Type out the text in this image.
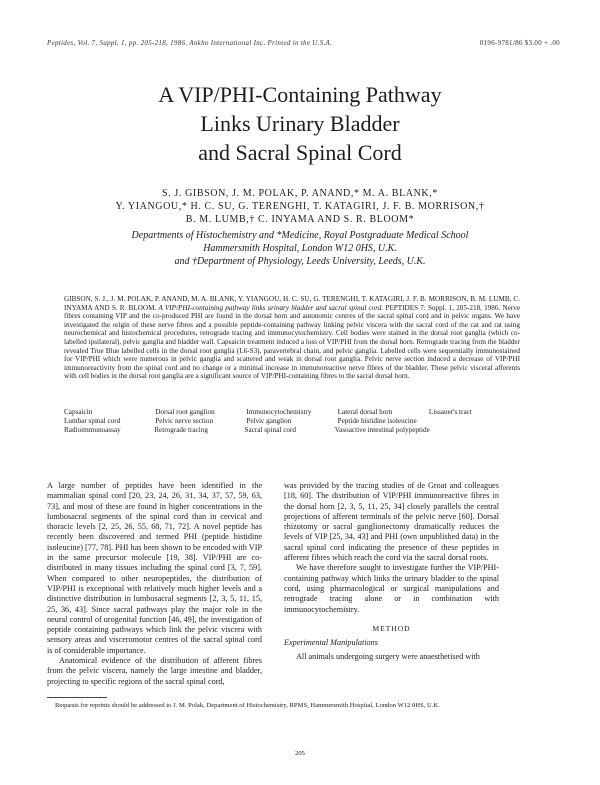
Peptides, Vol. 7, Suppl. 1, pp. 205-218, 1986. Ankho International Inc. Printed in the U.S.A.	0196-9781/86 $3.00 + .00
A VIP/PHI-Containing Pathway
Links Urinary Bladder
and Sacral Spinal Cord
S. J. GIBSON, J. M. POLAK, P. ANAND,* M. A. BLANK,*
Y. YIANGOU,* H. C. SU, G. TERENGHI, T. KATAGIRI, J. F. B. MORRISON,†
B. M. LUMB,† C. INYAMA AND S. R. BLOOM*
Departments of Histochemistry and *Medicine, Royal Postgraduate Medical School
Hammersmith Hospital, London W12 0HS, U.K.
and †Department of Physiology, Leeds University, Leeds, U.K.
GIBSON, S. J., J. M. POLAK, P. ANAND, M. A. BLANK, Y. YIANGOU, H. C. SU, G. TERENGHI, T. KATAGIRI, J. F. B. MORRISON, B. M. LUMB, C. INYAMA AND S. R. BLOOM. A VIP/PHI-containing pathway links urinary bladder and sacral spinal cord. PEPTIDES 7: Suppl. 1, 205-218, 1986. Nerve fibres containing VIP and the co-produced PHI are found in the dorsal horn and autonomic centres of the sacral spinal cord and in pelvic organs. We have investigated the origin of these nerve fibres and a possible peptide-containing pathway linking pelvic viscera with the sacral cord of the cat and rat using neurochemical and histochemical procedures, retrograde tracing and immunocytochemistry. Cell bodies were stained in the dorsal root ganglia (which co-labelled ipsilateral), pelvic ganglia and bladder wall. Capsaicin treatment induced a loss of VIP/PHI from the dorsal horn. Retrograde tracing from the bladder revealed True Blue labelled cells in the dorsal root ganglia (L6-S3), paravertebral chain, and pelvic ganglia. Labelled cells were sequentially immunostained for VIP/PHI which were numerous in pelvic ganglia and scattered and weak in dorsal root ganglia. Pelvic nerve section induced a decrease of VIP/PHI immunoreactivity from the spinal cord and no change or a minimal increase in immunoreactive nerve fibres of the bladder. These pelvic visceral afferents with cell bodies in the dorsal root ganglia are a significant source of VIP/PHI-containing fibres to the sacral dorsal horn.
Capsaicin	Dorsal root ganglion	Immunocytochemistry	Lateral dorsal horn	Lissauer's tract
Lumbar spinal cord	Pelvic nerve section	Pelvic ganglion	Peptide histidine isoleucine
Radioimmunoassay	Retrograde tracing	Sacral spinal cord	Vasoactive intestinal polypeptide

A large number of peptides have been identified in the mammalian spinal cord [20, 23, 24, 26, 31, 34, 37, 57, 59, 63, 73], and most of these are found in higher concentrations in the lumbosacral segments of the spinal cord than in cervical and thoracic levels [2, 25, 26, 55, 68, 71, 72]. A novel peptide has recently been discovered and termed PHI (peptide histidine isoleucine) [77, 78]. PHI has been shown to be encoded with VIP in the same precursor molecule [19, 38]. VIP/PHI are co-distributed in many tissues including the spinal cord [3, 7, 59]. When compared to other neuropeptides, the distribution of VIP/PHI is exceptional with relatively much higher levels and a distinctive distribution in lumbosacral segments [2, 3, 5, 11, 15, 25, 36, 43]. Since sacral pathways play the major role in the neural control of urogenital function [46, 49], the investigation of peptide containing pathways which link the pelvic viscera with sensory areas and visceromotor centres of the sacral spinal cord is of considerable importance.

Anatomical evidence of the distribution of afferent fibres from the pelvic viscera, namely the large intestine and bladder, projecting to specific regions of the sacral spinal cord,

was provided by the tracing studies of de Groat and colleagues [18, 60]. The distribution of VIP/PHI immunoreactive fibres in the dorsal horn [2, 3, 5, 11, 25, 34] closely parallels the central projections of afferent terminals of the pelvic nerve [60]. Dorsal rhizotomy or sacral ganglionectomy dramatically reduces the levels of VIP [25, 34, 43] and PHI (own unpublished data) in the sacral spinal cord indicating the presence of these peptides in afferent fibres which reach the cord via the sacral dorsal roots.

We have therefore sought to investigate further the VIP/PHI-containing pathway which links the urinary bladder to the spinal cord, using pharmacological or surgical manipulations and retrograde tracing alone or in combination with immunocytochemistry.

METHOD
Experimental Manipulations

All animals undergoing surgery were anaesthetised with

Requests for reprints should be addressed to J. M. Polak, Department of Histochemistry, RPMS, Hammersmith Hospital, London W12 0HS, U.K.
205
